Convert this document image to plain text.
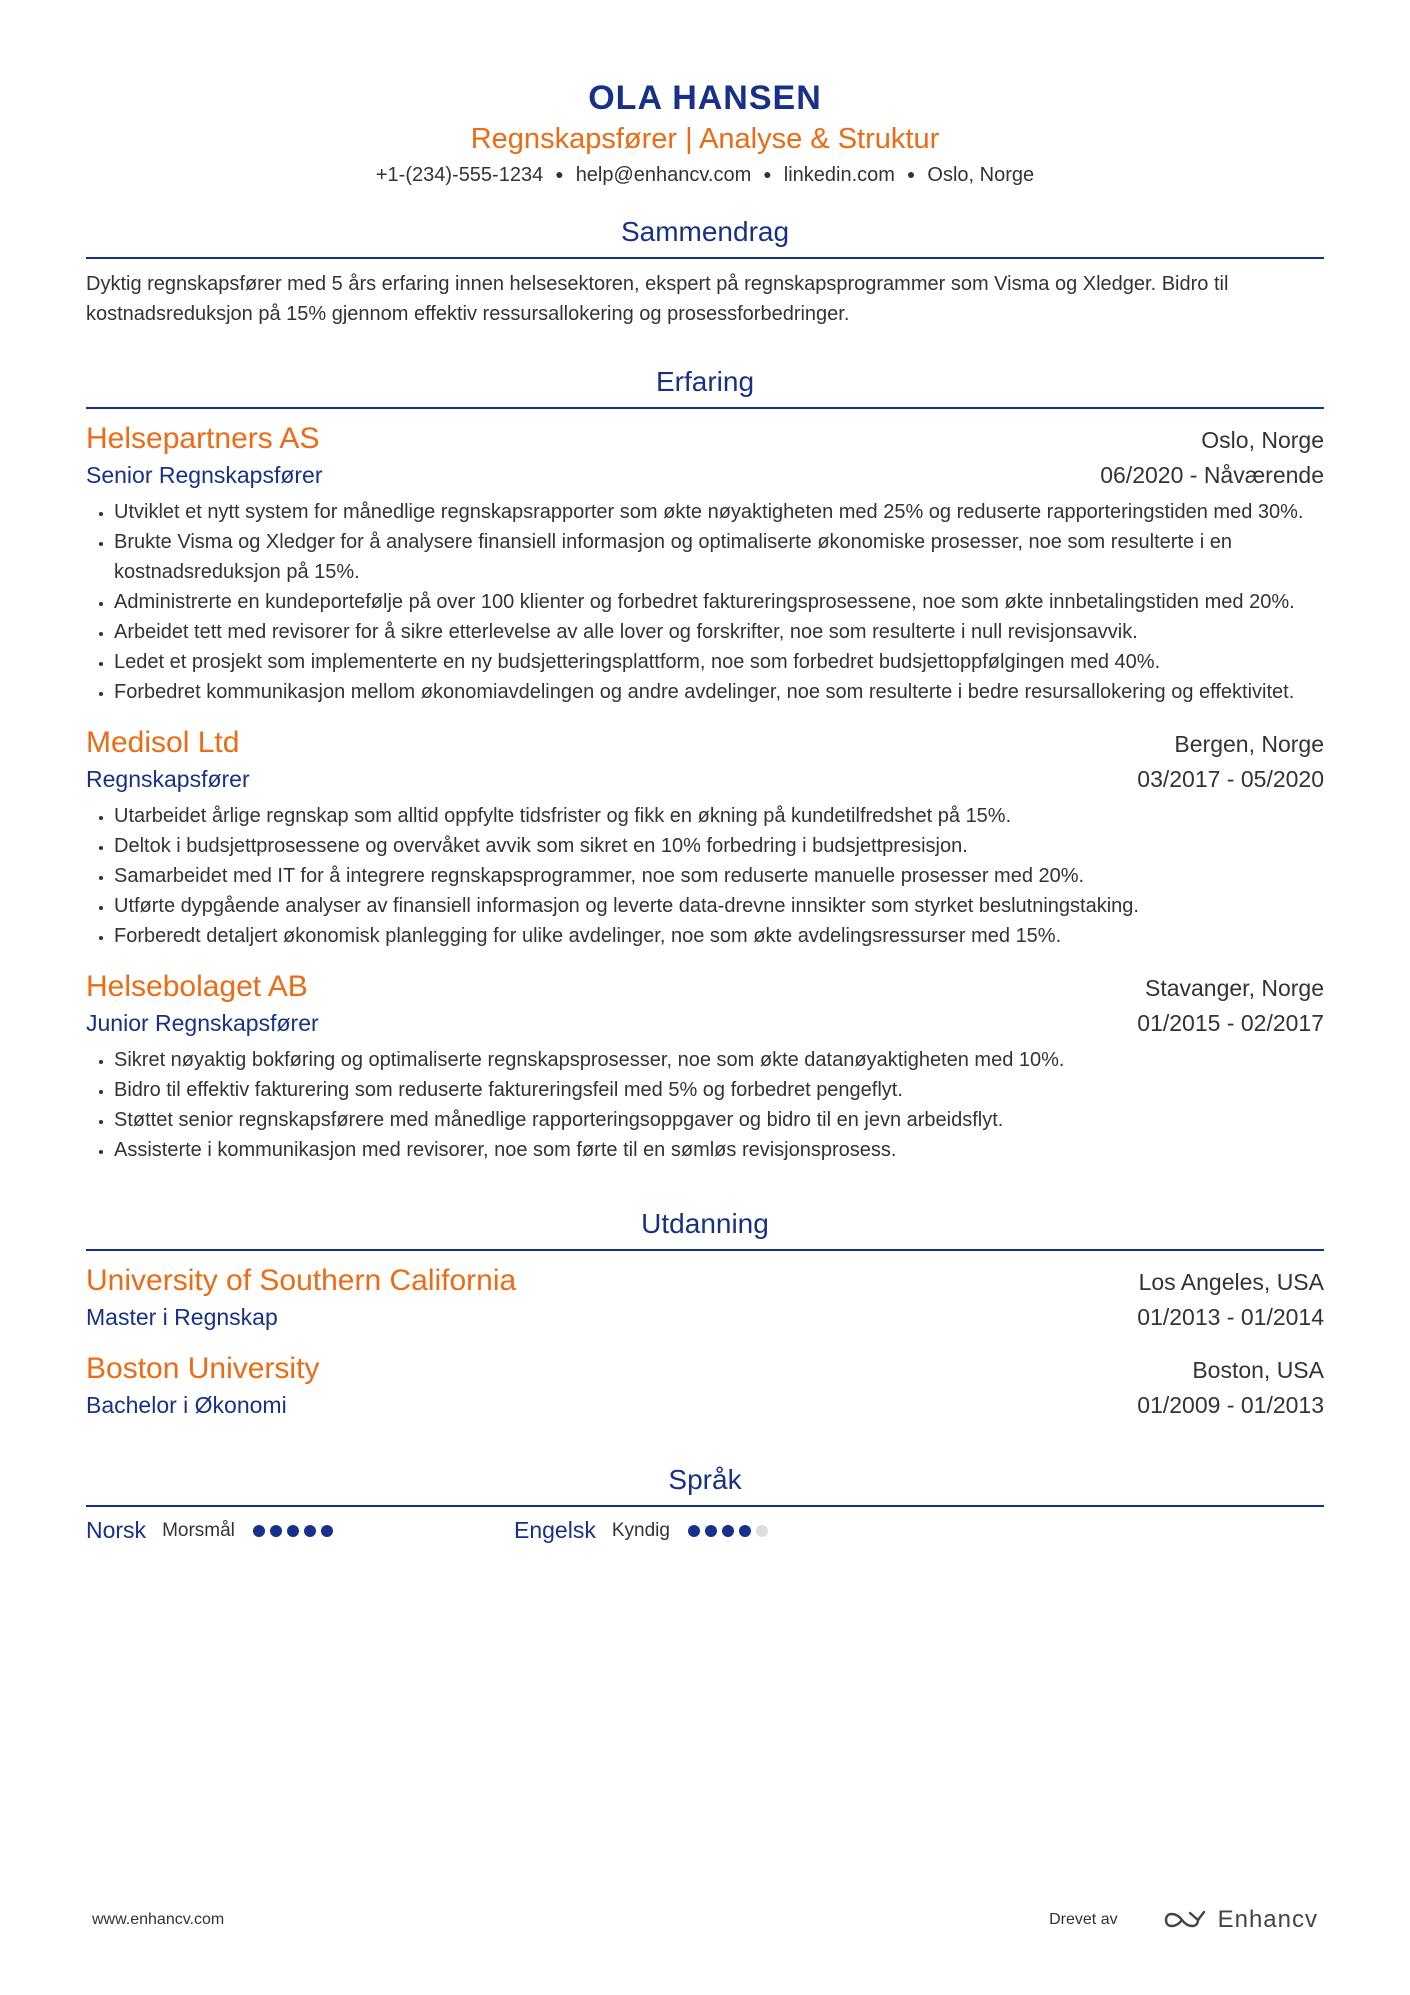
OLA HANSEN
Regnskapsfører | Analyse & Struktur
+1-(234)-555-1234 ● help@enhancv.com ● linkedin.com ● Oslo, Norge
Sammendrag
Dyktig regnskapsfører med 5 års erfaring innen helsesektoren, ekspert på regnskapsprogrammer som Visma og Xledger. Bidro til kostnadsreduksjon på 15% gjennom effektiv ressursallokering og prosessforbedringer.
Erfaring
Helsepartners AS	Oslo, Norge
Senior Regnskapsfører	06/2020 - Nåværende
• Utviklet et nytt system for månedlige regnskapsrapporter som økte nøyaktigheten med 25% og reduserte rapporteringstiden med 30%.
• Brukte Visma og Xledger for å analysere finansiell informasjon og optimaliserte økonomiske prosesser, noe som resulterte i en kostnadsreduksjon på 15%.
• Administrerte en kundeportefølje på over 100 klienter og forbedret faktureringsprosessene, noe som økte innbetalingstiden med 20%.
• Arbeidet tett med revisorer for å sikre etterlevelse av alle lover og forskrifter, noe som resulterte i null revisjonsavvik.
• Ledet et prosjekt som implementerte en ny budsjetteringsplattform, noe som forbedret budsjettoppfølgingen med 40%.
• Forbedret kommunikasjon mellom økonomiavdelingen og andre avdelinger, noe som resulterte i bedre resursallokering og effektivitet.
Medisol Ltd	Bergen, Norge
Regnskapsfører	03/2017 - 05/2020
• Utarbeidet årlige regnskap som alltid oppfylte tidsfrister og fikk en økning på kundetilfredshet på 15%.
• Deltok i budsjettprosessene og overvåket avvik som sikret en 10% forbedring i budsjettpresisjon.
• Samarbeidet med IT for å integrere regnskapsprogrammer, noe som reduserte manuelle prosesser med 20%.
• Utførte dypgående analyser av finansiell informasjon og leverte data-drevne innsikter som styrket beslutningstaking.
• Forberedt detaljert økonomisk planlegging for ulike avdelinger, noe som økte avdelingsressurser med 15%.
Helsebolaget AB	Stavanger, Norge
Junior Regnskapsfører	01/2015 - 02/2017
• Sikret nøyaktig bokføring og optimaliserte regnskapsprosesser, noe som økte datanøyaktigheten med 10%.
• Bidro til effektiv fakturering som reduserte faktureringsfeil med 5% og forbedret pengeflyt.
• Støttet senior regnskapsførere med månedlige rapporteringsoppgaver og bidro til en jevn arbeidsflyt.
• Assisterte i kommunikasjon med revisorer, noe som førte til en sømløs revisjonsprosess.
Utdanning
University of Southern California	Los Angeles, USA
Master i Regnskap	01/2013 - 01/2014
Boston University	Boston, USA
Bachelor i Økonomi	01/2009 - 01/2013
Språk
Norsk Morsmål	Engelsk Kyndig
www.enhancv.com	Drevet av	Enhancv
